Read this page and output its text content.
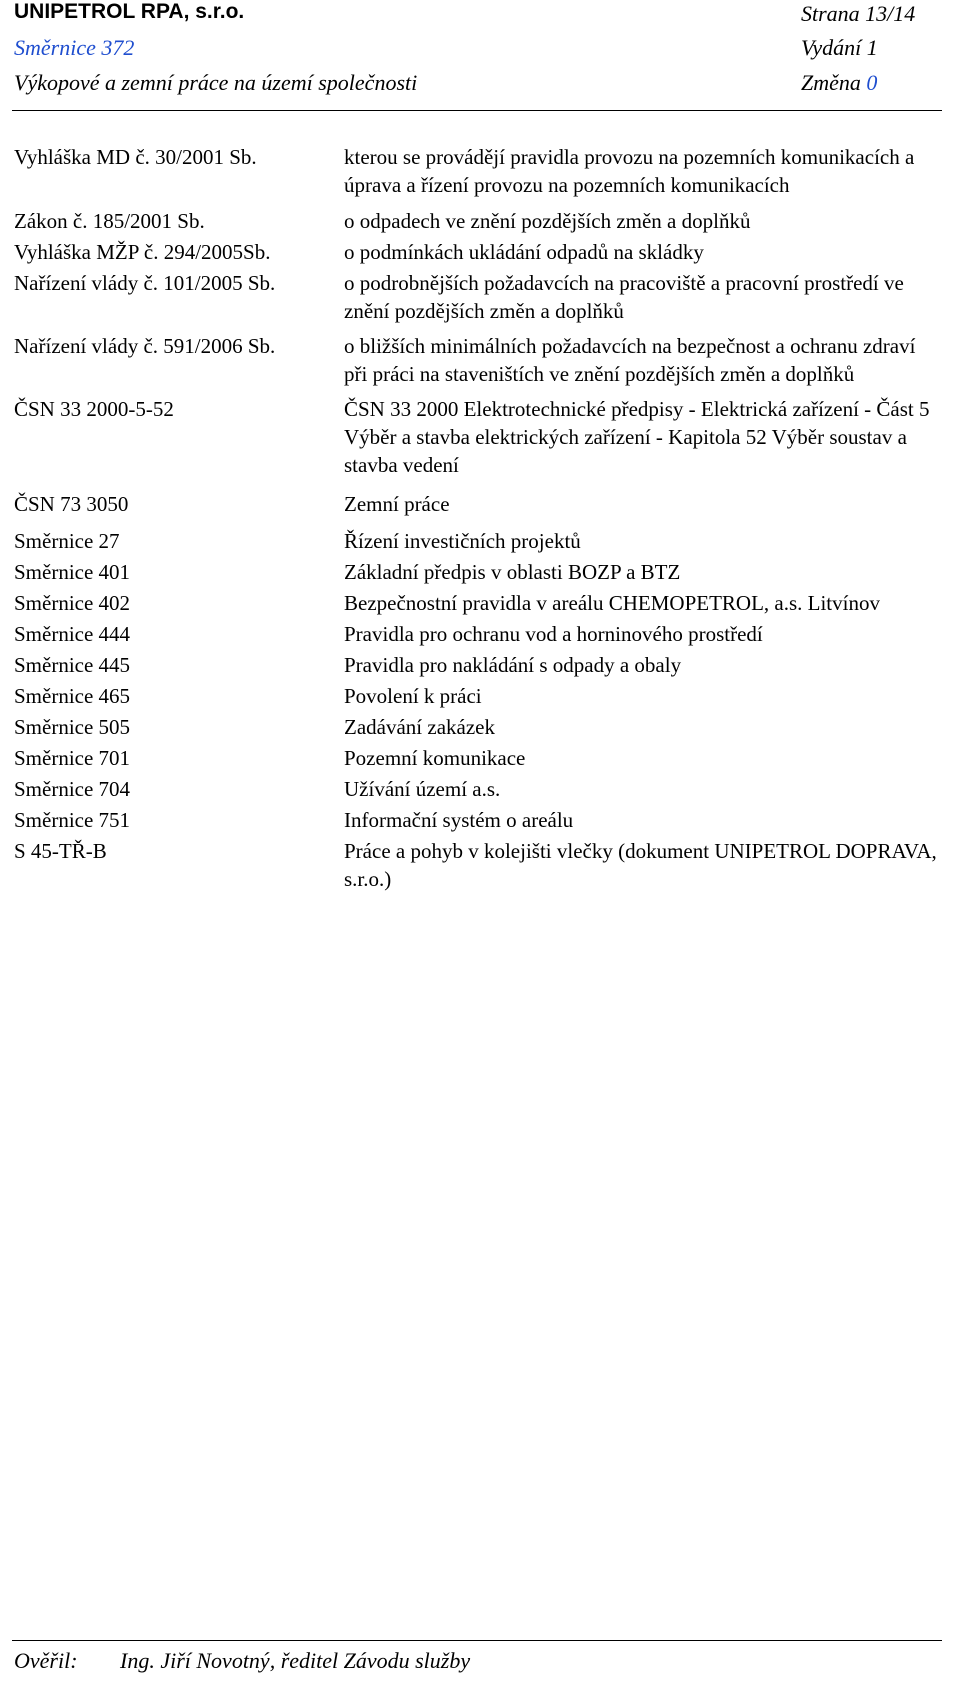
UNIPETROL RPA, s.r.o.	Strana 13/14
Směrnice 372	Vydání 1
Výkopové a zemní práce na území společnosti	Změna 0
Vyhláška MD č. 30/2001 Sb.	kterou se provádějí pravidla provozu na pozemních komunikacích a úprava a řízení provozu na pozemních komunikacích
Zákon č. 185/2001 Sb.	o odpadech ve znění pozdějších změn a doplňků
Vyhláška MŽP č. 294/2005Sb.	o podmínkách ukládání odpadů na skládky
Nařízení vlády č. 101/2005 Sb.	o podrobnějších požadavcích na pracoviště a pracovní prostředí ve znění pozdějších změn a doplňků
Nařízení vlády č. 591/2006 Sb.	o bližších minimálních požadavcích na bezpečnost a ochranu zdraví při práci na staveništích ve znění pozdějších změn a doplňků
ČSN 33 2000-5-52	ČSN 33 2000 Elektrotechnické předpisy - Elektrická zařízení - Část 5 Výběr a stavba elektrických zařízení - Kapitola 52 Výběr soustav a stavba vedení
ČSN 73 3050	Zemní práce
Směrnice 27	Řízení investičních projektů
Směrnice 401	Základní předpis v oblasti BOZP a BTZ
Směrnice 402	Bezpečnostní pravidla v areálu CHEMOPETROL, a.s. Litvínov
Směrnice 444	Pravidla pro ochranu vod a horninového prostředí
Směrnice 445	Pravidla pro nakládání s odpady a obaly
Směrnice 465	Povolení k práci
Směrnice 505	Zadávání zakázek
Směrnice 701	Pozemní komunikace
Směrnice 704	Užívání území a.s.
Směrnice 751	Informační systém o areálu
S 45-TŘ-B	Práce a pohyb v kolejišti vlečky (dokument UNIPETROL DOPRAVA, s.r.o.)
Ověřil: Ing. Jiří Novotný, ředitel Závodu služby
